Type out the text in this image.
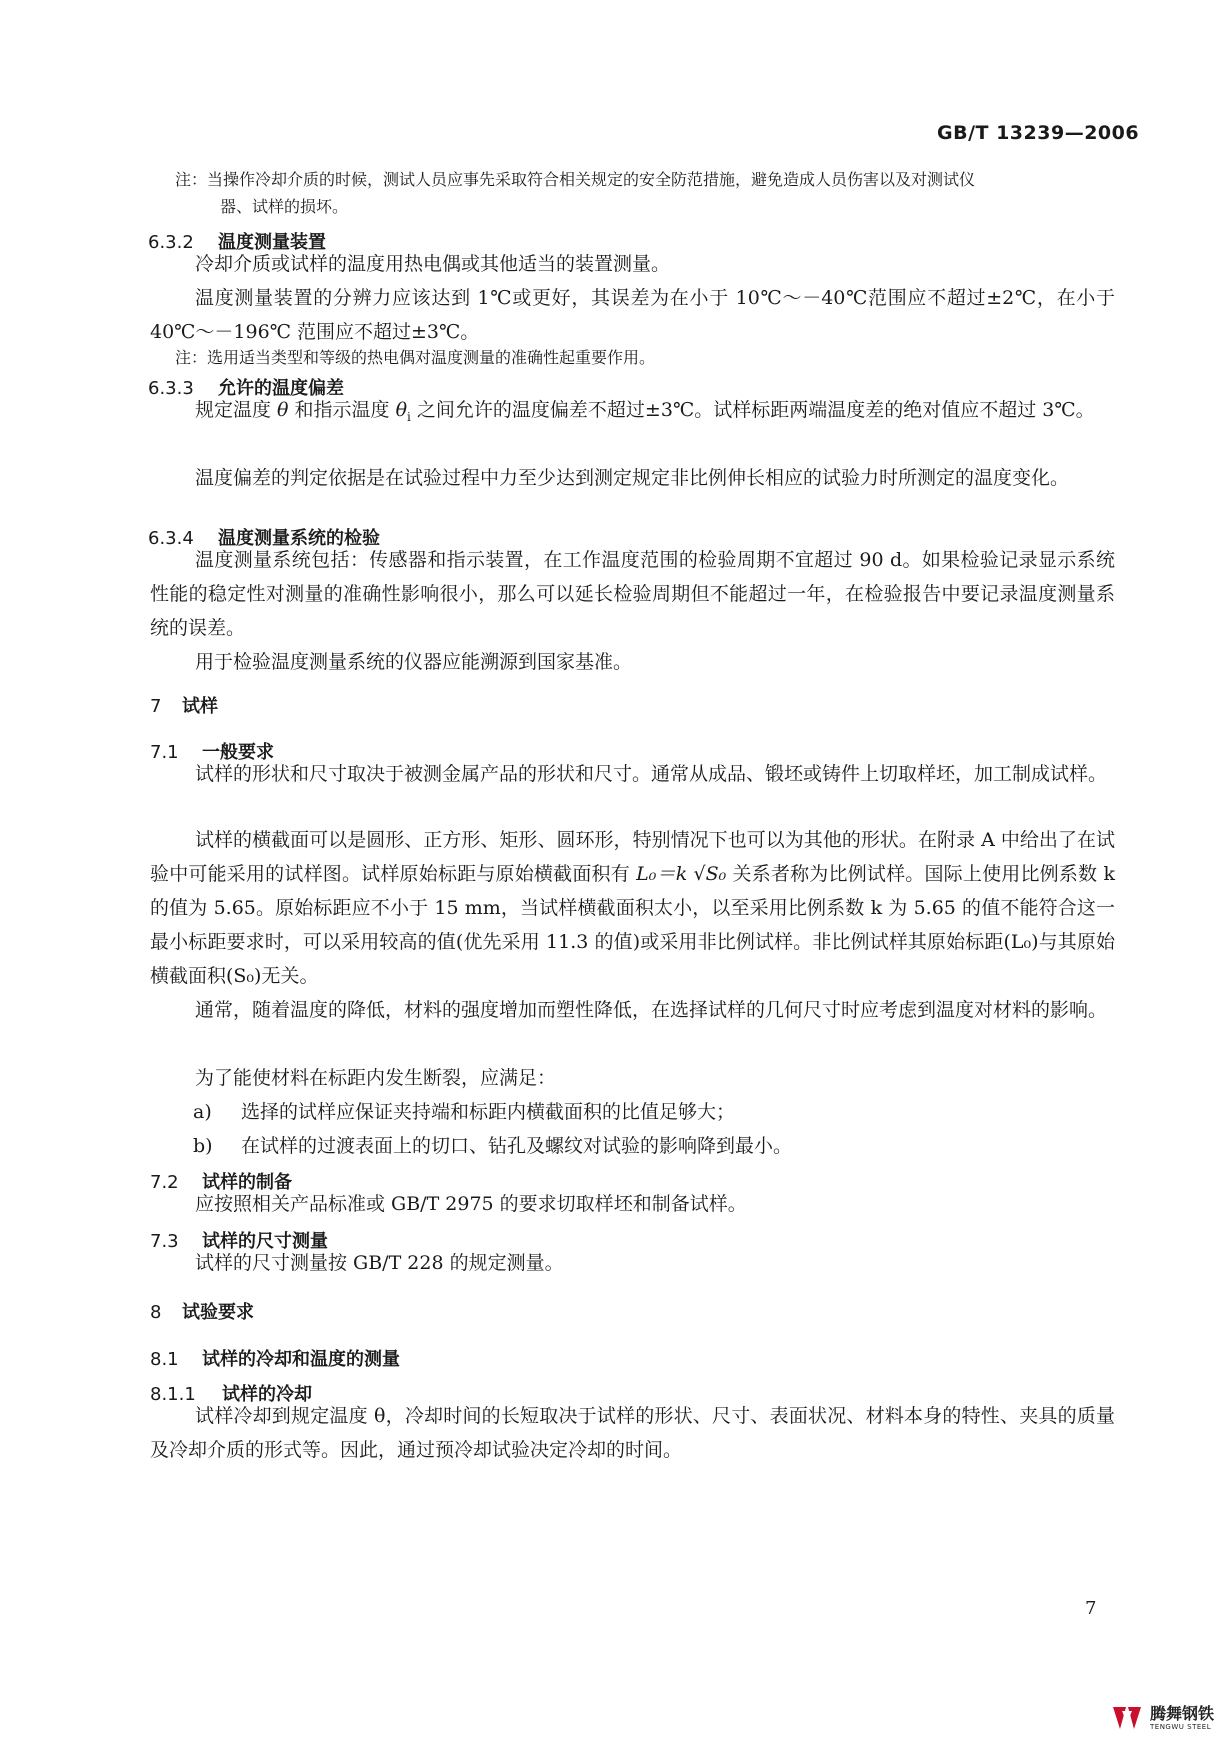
GB/T 13239—2006
注：当操作冷却介质的时候，测试人员应事先采取符合相关规定的安全防范措施，避免造成人员伤害以及对测试仪
器、试样的损坏。
6.3.2 温度测量装置
冷却介质或试样的温度用热电偶或其他适当的装置测量。
温度测量装置的分辨力应该达到 1℃或更好，其误差为在小于 10℃～－40℃范围应不超过±2℃，在小于 40℃～－196℃ 范围应不超过±3℃。
注：选用适当类型和等级的热电偶对温度测量的准确性起重要作用。
6.3.3 允许的温度偏差
规定温度 θ 和指示温度 $\theta_i$ 之间允许的温度偏差不超过±3℃。试样标距两端温度差的绝对值应不超过 3℃。
温度偏差的判定依据是在试验过程中力至少达到测定规定非比例伸长相应的试验力时所测定的温度变化。
6.3.4 温度测量系统的检验
温度测量系统包括：传感器和指示装置，在工作温度范围的检验周期不宜超过 90 d。如果检验记录显示系统性能的稳定性对测量的准确性影响很小，那么可以延长检验周期但不能超过一年，在检验报告中要记录温度测量系统的误差。
用于检验温度测量系统的仪器应能溯源到国家基准。
7 试样
7.1 一般要求
试样的形状和尺寸取决于被测金属产品的形状和尺寸。通常从成品、锻坯或铸件上切取样坯，加工制成试样。
试样的横截面可以是圆形、正方形、矩形、圆环形，特别情况下也可以为其他的形状。在附录 A 中给出了在试验中可能采用的试样图。试样原始标距与原始横截面积有 L₀＝k √S₀ 关系者称为比例试样。国际上使用比例系数 k 的值为 5.65。原始标距应不小于 15 mm，当试样横截面积太小，以至采用比例系数 k 为 5.65 的值不能符合这一最小标距要求时，可以采用较高的值(优先采用 11.3 的值)或采用非比例试样。非比例试样其原始标距(L₀)与其原始横截面积(S₀)无关。
通常，随着温度的降低，材料的强度增加而塑性降低，在选择试样的几何尺寸时应考虑到温度对材料的影响。
为了能使材料在标距内发生断裂，应满足：
a) 选择的试样应保证夹持端和标距内横截面积的比值足够大；
b) 在试样的过渡表面上的切口、钻孔及螺纹对试验的影响降到最小。
7.2 试样的制备
应按照相关产品标准或 GB/T 2975 的要求切取样坯和制备试样。
7.3 试样的尺寸测量
试样的尺寸测量按 GB/T 228 的规定测量。
8 试验要求
8.1 试样的冷却和温度的测量
8.1.1 试样的冷却
试样冷却到规定温度 θ，冷却时间的长短取决于试样的形状、尺寸、表面状况、材料本身的特性、夹具的质量及冷却介质的形式等。因此，通过预冷却试验决定冷却的时间。
7
腾舞钢铁
TENGWU STEEL
